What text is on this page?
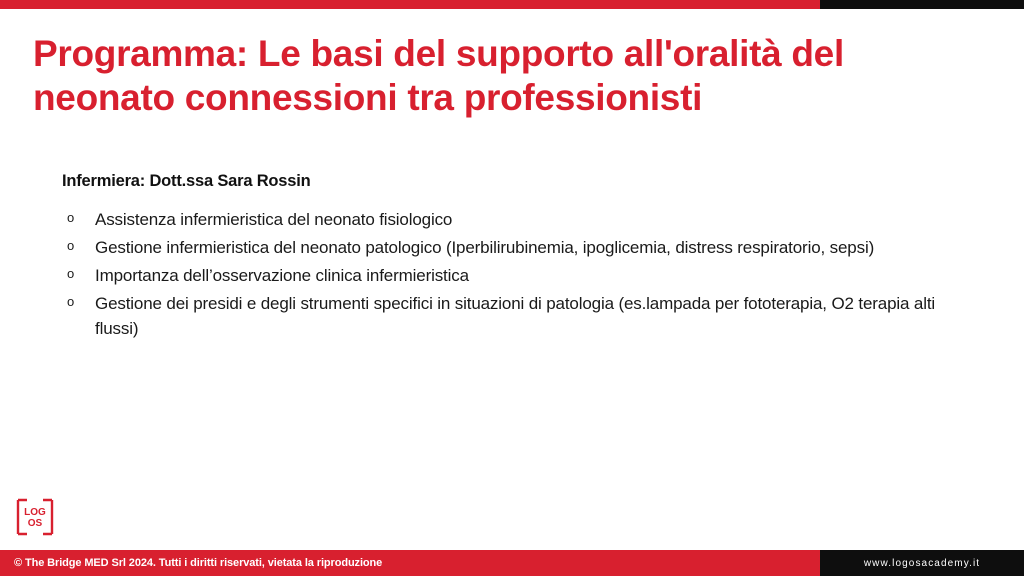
Programma: Le basi del supporto all'oralità del neonato connessioni tra professionisti
Infermiera: Dott.ssa Sara Rossin
o Assistenza infermieristica del neonato fisiologico
o Gestione infermieristica del neonato patologico (Iperbilirubinemia, ipoglicemia, distress respiratorio, sepsi)
o Importanza dell’osservazione clinica infermieristica
o Gestione dei presidi e degli strumenti specifici in situazioni di patologia (es.lampada per fototerapia, O2 terapia alti flussi)
LOG
OS
© The Bridge MED Srl 2024. Tutti i diritti riservati, vietata la riproduzione	www.logosacademy.it
